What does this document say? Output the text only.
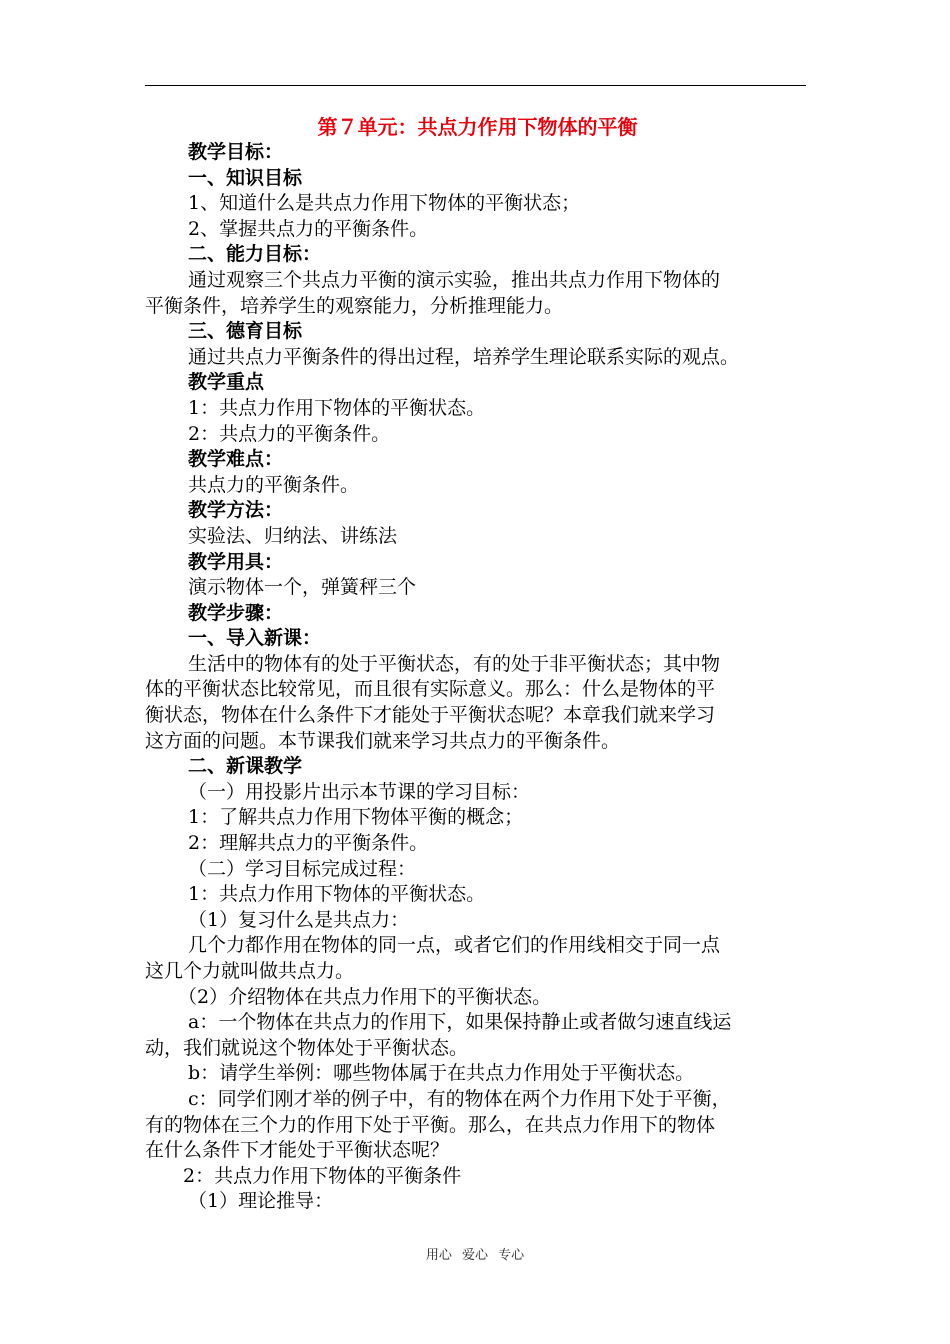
第７单元：共点力作用下物体的平衡

教学目标：

一、知识目标

1、知道什么是共点力作用下物体的平衡状态；

2、掌握共点力的平衡条件。

二、能力目标：

通过观察三个共点力平衡的演示实验，推出共点力作用下物体的

平衡条件，培养学生的观察能力，分析推理能力。

三、德育目标

通过共点力平衡条件的得出过程，培养学生理论联系实际的观点。

教学重点

1：共点力作用下物体的平衡状态。

2：共点力的平衡条件。

教学难点：

共点力的平衡条件。

教学方法：

实验法、归纳法、讲练法

教学用具：

演示物体一个，弹簧秤三个

教学步骤：

一、导入新课：

生活中的物体有的处于平衡状态，有的处于非平衡状态；其中物

体的平衡状态比较常见，而且很有实际意义。那么：什么是物体的平

衡状态，物体在什么条件下才能处于平衡状态呢？本章我们就来学习

这方面的问题。本节课我们就来学习共点力的平衡条件。

二、新课教学

（一）用投影片出示本节课的学习目标：

1：了解共点力作用下物体平衡的概念；

2：理解共点力的平衡条件。

（二）学习目标完成过程：

1：共点力作用下物体的平衡状态。

（1）复习什么是共点力：

几个力都作用在物体的同一点，或者它们的作用线相交于同一点

这几个力就叫做共点力。

（2）介绍物体在共点力作用下的平衡状态。

a：一个物体在共点力的作用下，如果保持静止或者做匀速直线运

动，我们就说这个物体处于平衡状态。

b：请学生举例：哪些物体属于在共点力作用处于平衡状态。

c：同学们刚才举的例子中，有的物体在两个力作用下处于平衡，

有的物体在三个力的作用下处于平衡。那么，在共点力作用下的物体

在什么条件下才能处于平衡状态呢？

2：共点力作用下物体的平衡条件

（1）理论推导：

用心 爱心 专心
